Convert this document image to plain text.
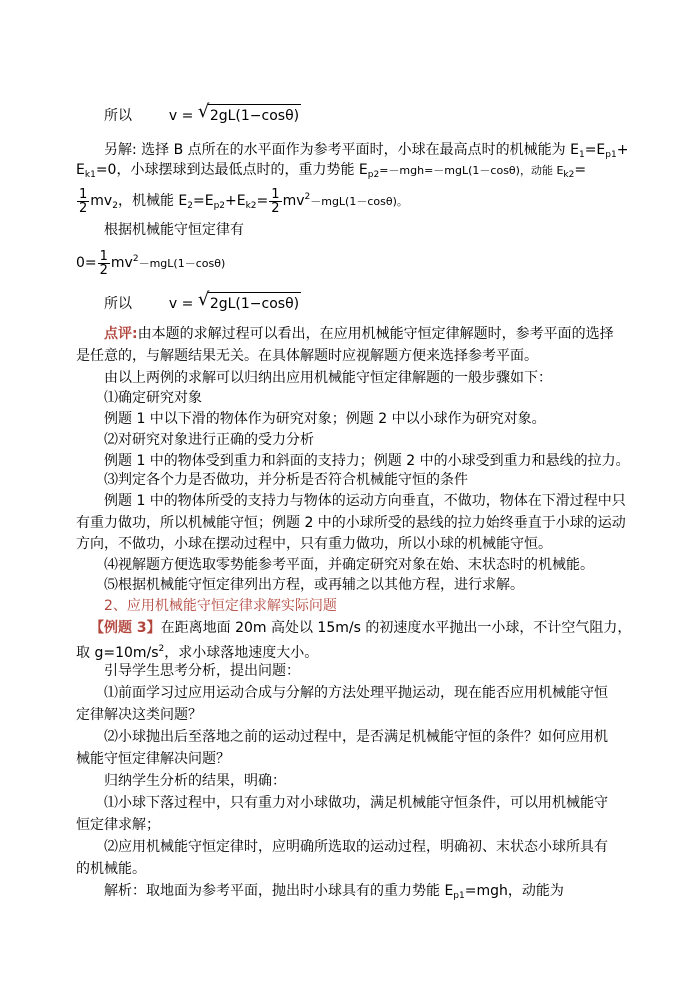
所以	v = √ 2gL(1−cosθ)
另解: 选择 B 点所在的水平面作为参考平面时，小球在最高点时的机械能为 $E_1=E_{p1}+$
$E_{k1}=0$，小球摆球到达最低点时的，重力势能 $E_{p2}=-mgh=-mgL(1-\cos\theta)$，动能 $E_{k2}=$
$\frac{1}{2} mv_2$，机械能 $E_2=E_{p2}+E_{k2}= \frac{1}{2} mv^2-mgL(1-\cos\theta)$。
根据机械能守恒定律有
$0= \frac{1}{2} mv^2-mgL(1-\cos\theta)$
所以	v = √ 2gL(1−cosθ)
点评:由本题的求解过程可以看出，在应用机械能守恒定律解题时，参考平面的选择
是任意的，与解题结果无关。在具体解题时应视解题方便来选择参考平面。
由以上两例的求解可以归纳出应用机械能守恒定律解题的一般步骤如下：
⑴确定研究对象
例题 1 中以下滑的物体作为研究对象；例题 2 中以小球作为研究对象。
⑵对研究对象进行正确的受力分析
例题 1 中的物体受到重力和斜面的支持力；例题 2 中的小球受到重力和悬线的拉力。
⑶判定各个力是否做功，并分析是否符合机械能守恒的条件
例题 1 中的物体所受的支持力与物体的运动方向垂直，不做功，物体在下滑过程中只
有重力做功，所以机械能守恒；例题 2 中的小球所受的悬线的拉力始终垂直于小球的运动
方向，不做功，小球在摆动过程中，只有重力做功，所以小球的机械能守恒。
⑷视解题方便选取零势能参考平面，并确定研究对象在始、末状态时的机械能。
⑸根据机械能守恒定律列出方程，或再辅之以其他方程，进行求解。
2、应用机械能守恒定律求解实际问题
【例题 3】在距离地面 20m 高处以 15m/s 的初速度水平抛出一小球，不计空气阻力，
取 $g=10m/s^2$，求小球落地速度大小。
引导学生思考分析，提出问题：
⑴前面学习过应用运动合成与分解的方法处理平抛运动，现在能否应用机械能守恒
定律解决这类问题？
⑵小球抛出后至落地之前的运动过程中，是否满足机械能守恒的条件？如何应用机
械能守恒定律解决问题？
归纳学生分析的结果，明确：
⑴小球下落过程中，只有重力对小球做功，满足机械能守恒条件，可以用机械能守
恒定律求解；
⑵应用机械能守恒定律时，应明确所选取的运动过程，明确初、末状态小球所具有
的机械能。
解析：取地面为参考平面，抛出时小球具有的重力势能 $E_{p1}=mgh$，动能为
